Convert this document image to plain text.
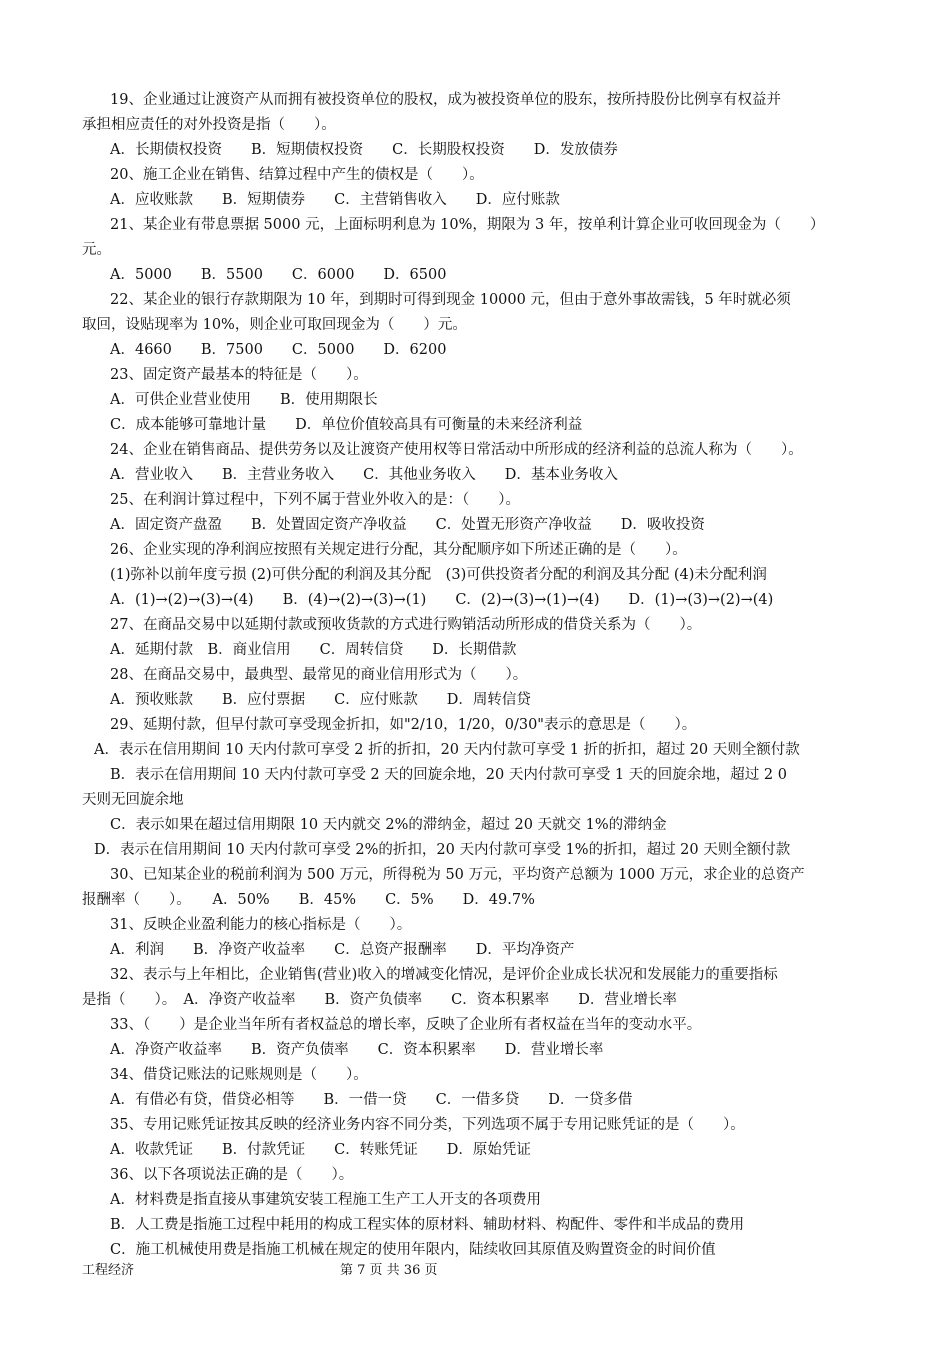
19、企业通过让渡资产从而拥有被投资单位的股权，成为被投资单位的股东，按所持股份比例享有权益并
承担相应责任的对外投资是指（　　）。
A．长期债权投资　　B．短期债权投资　　C．长期股权投资　　D．发放债券
20、施工企业在销售、结算过程中产生的债权是（　　）。
A．应收账款　　B．短期债券　　C．主营销售收入　　D．应付账款
21、某企业有带息票据 5000 元，上面标明利息为 10%，期限为 3 年，按单利计算企业可收回现金为（　　）
元。
A．5000　　B．5500　　C．6000　　D．6500
22、某企业的银行存款期限为 10 年，到期时可得到现金 10000 元，但由于意外事故需钱，5 年时就必须
取回，设贴现率为 10%，则企业可取回现金为（　　）元。
A．4660　　B．7500　　C．5000　　D．6200
23、固定资产最基本的特征是（　　）。
A．可供企业营业使用　　B．使用期限长
C．成本能够可靠地计量　　D．单位价值较高具有可衡量的未来经济利益
24、企业在销售商品、提供劳务以及让渡资产使用权等日常活动中所形成的经济利益的总流人称为（　　）。
A．营业收入　　B．主营业务收入　　C．其他业务收入　　D．基本业务收入
25、在利润计算过程中，下列不属于营业外收入的是：（　　）。
A．固定资产盘盈　　B．处置固定资产净收益　　C．处置无形资产净收益　　D．吸收投资
26、企业实现的净利润应按照有关规定进行分配，其分配顺序如下所述正确的是（　　）。
(1)弥补以前年度亏损 (2)可供分配的利润及其分配　(3)可供投资者分配的利润及其分配 (4)未分配利润
A．(1)→(2)→(3)→(4)　　B．(4)→(2)→(3)→(1)　　C．(2)→(3)→(1)→(4)　　D．(1)→(3)→(2)→(4)
27、在商品交易中以延期付款或预收货款的方式进行购销活动所形成的借贷关系为（　　）。
A．延期付款　B．商业信用　　C．周转信贷　　D．长期借款
28、在商品交易中，最典型、最常见的商业信用形式为（　　）。
A．预收账款　　B．应付票据　　C．应付账款　　D．周转信贷
29、延期付款，但早付款可享受现金折扣，如"2/10，1/20，0/30"表示的意思是（　　）。
A．表示在信用期间 10 天内付款可享受 2 折的折扣，20 天内付款可享受 1 折的折扣，超过 20 天则全额付款
B．表示在信用期间 10 天内付款可享受 2 天的回旋余地，20 天内付款可享受 1 天的回旋余地，超过 2 0
天则无回旋余地
C．表示如果在超过信用期限 10 天内就交 2%的滞纳金，超过 20 天就交 1%的滞纳金
D．表示在信用期间 10 天内付款可享受 2%的折扣，20 天内付款可享受 1%的折扣，超过 20 天则全额付款
30、已知某企业的税前利润为 500 万元，所得税为 50 万元，平均资产总额为 1000 万元，求企业的总资产
报酬率（　　）。　　A．50%　　B．45%　　C．5%　　D．49.7%
31、反映企业盈利能力的核心指标是（　　）。
A．利润　　B．净资产收益率　　C．总资产报酬率　　D．平均净资产
32、表示与上年相比，企业销售(营业)收入的增减变化情况，是评价企业成长状况和发展能力的重要指标
是指（　　）。　A．净资产收益率　　B．资产负债率　　C．资本积累率　　D．营业增长率
33、（　　）是企业当年所有者权益总的增长率，反映了企业所有者权益在当年的变动水平。
A．净资产收益率　　B．资产负债率　　C．资本积累率　　D．营业增长率
34、借贷记账法的记账规则是（　　）。
A．有借必有贷，借贷必相等　　B．一借一贷　　C．一借多贷　　D．一贷多借
35、专用记账凭证按其反映的经济业务内容不同分类，下列选项不属于专用记账凭证的是（　　）。
A．收款凭证　　B．付款凭证　　C．转账凭证　　D．原始凭证
36、以下各项说法正确的是（　　）。
A．材料费是指直接从事建筑安装工程施工生产工人开支的各项费用
B．人工费是指施工过程中耗用的构成工程实体的原材料、辅助材料、构配件、零件和半成品的费用
C．施工机械使用费是指施工机械在规定的使用年限内，陆续收回其原值及购置资金的时间价值
工程经济	第 7 页 共 36 页
